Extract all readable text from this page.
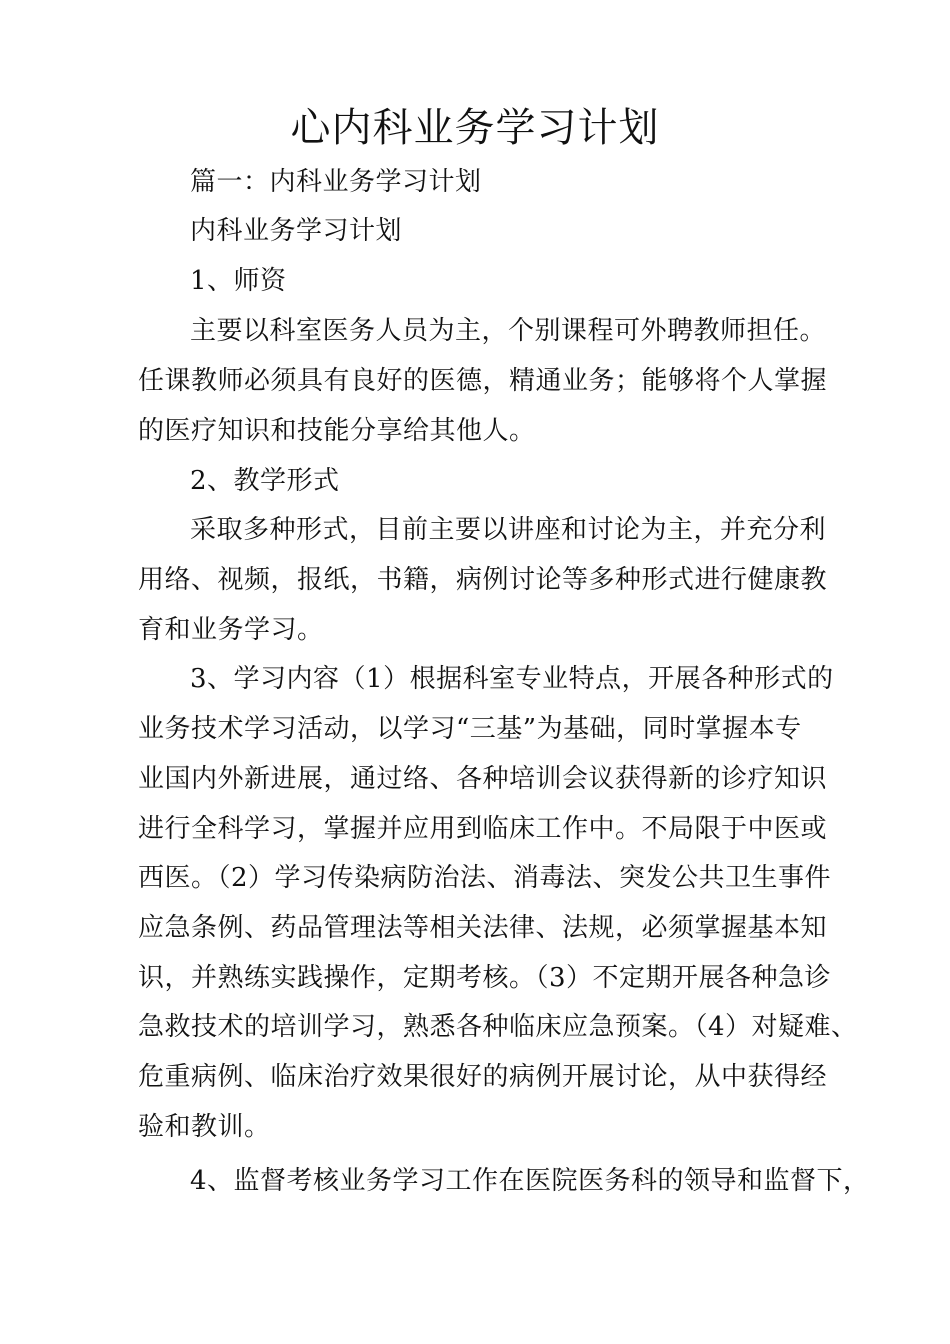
心内科业务学习计划
篇一：内科业务学习计划
内科业务学习计划
1、师资
主要以科室医务人员为主，个别课程可外聘教师担任。
任课教师必须具有良好的医德，精通业务；能够将个人掌握
的医疗知识和技能分享给其他人。
2、教学形式
采取多种形式，目前主要以讲座和讨论为主，并充分利
用络、视频，报纸，书籍，病例讨论等多种形式进行健康教
育和业务学习。
3、学习内容（1）根据科室专业特点，开展各种形式的
业务技术学习活动，以学习“三基”为基础，同时掌握本专
业国内外新进展，通过络、各种培训会议获得新的诊疗知识
进行全科学习，掌握并应用到临床工作中。不局限于中医或
西医。（2）学习传染病防治法、消毒法、突发公共卫生事件
应急条例、药品管理法等相关法律、法规，必须掌握基本知
识，并熟练实践操作，定期考核。（3）不定期开展各种急诊
急救技术的培训学习，熟悉各种临床应急预案。（4）对疑难、
危重病例、临床治疗效果很好的病例开展讨论，从中获得经
验和教训。
4、监督考核业务学习工作在医院医务科的领导和监督下，
